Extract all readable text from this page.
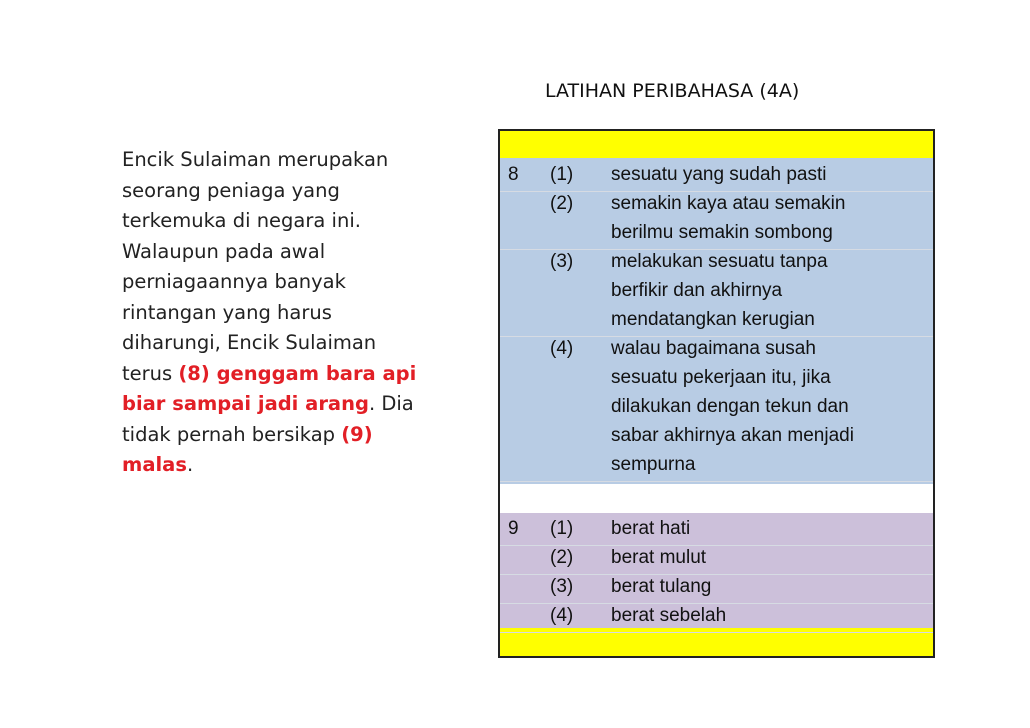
LATIHAN PERIBAHASA (4A)
Encik Sulaiman merupakan
seorang peniaga yang
terkemuka di negara ini.
Walaupun pada awal
perniagaannya banyak
rintangan yang harus
diharungi, Encik Sulaiman
terus (8) genggam bara api
biar sampai jadi arang. Dia
tidak pernah bersikap (9)
malas.
8 (1) sesuatu yang sudah pasti
(2) semakin kaya atau semakin
berilmu semakin sombong
(3) melakukan sesuatu tanpa
berfikir dan akhirnya
mendatangkan kerugian
(4) walau bagaimana susah
sesuatu pekerjaan itu, jika
dilakukan dengan tekun dan
sabar akhirnya akan menjadi
sempurna
9 (1) berat hati
(2) berat mulut
(3) berat tulang
(4) berat sebelah
